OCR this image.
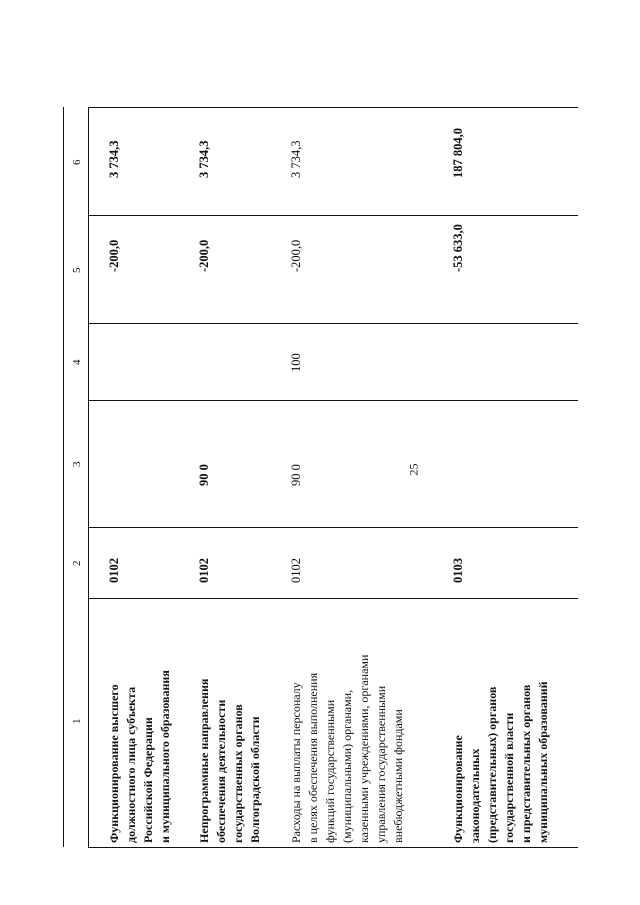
25
1
2
3
4
5
6
Функционирование высшего должностного лица субъекта Российской Федерации и муниципального образования
0102
-200,0
3 734,3
Непрограммные направления обеспечения деятельности государственных органов Волгоградской области
0102
90 0
-200,0
3 734,3
Расходы на выплаты персоналу в целях обеспечения выполнения функций государственными (муниципальными) органами, казенными учреждениями, органами управления государственными внебюджетными фондами
0102
90 0
100
-200,0
3 734,3
Функционирование законодательных (представительных) органов государственной власти и представительных органов муниципальных образований
0103
-53 633,0
187 804,0
